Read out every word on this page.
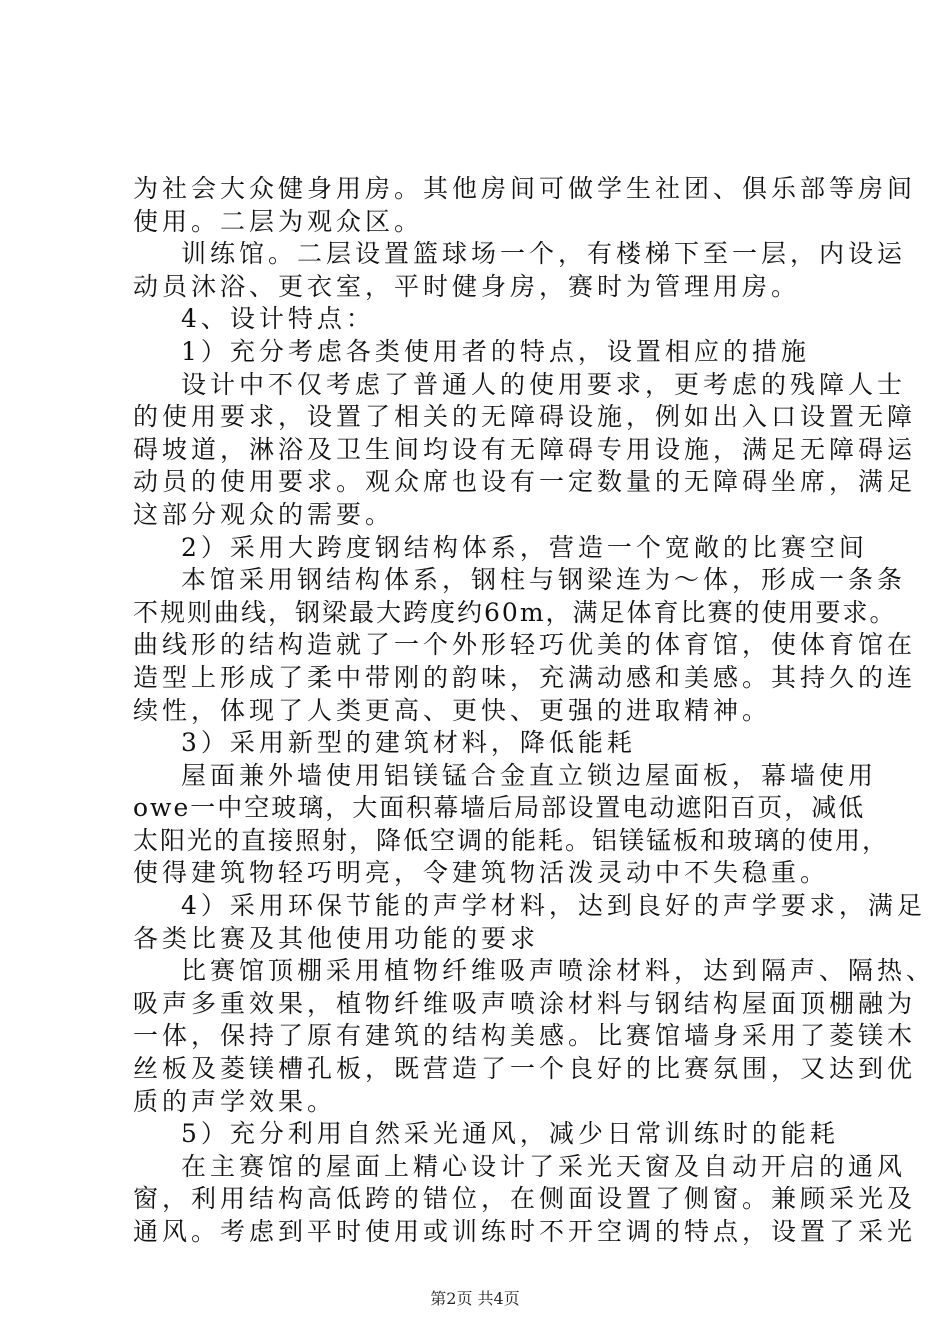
为社会大众健身用房。其他房间可做学生社团、俱乐部等房间
使用。二层为观众区。
训练馆。二层设置篮球场一个，有楼梯下至一层，内设运
动员沐浴、更衣室，平时健身房，赛时为管理用房。
4、设计特点：
1）充分考虑各类使用者的特点，设置相应的措施
设计中不仅考虑了普通人的使用要求，更考虑的残障人士
的使用要求，设置了相关的无障碍设施，例如出入口设置无障
碍坡道，淋浴及卫生间均设有无障碍专用设施，满足无障碍运
动员的使用要求。观众席也设有一定数量的无障碍坐席，满足
这部分观众的需要。
2）采用大跨度钢结构体系，营造一个宽敞的比赛空间
本馆采用钢结构体系，钢柱与钢梁连为～体，形成一条条
不规则曲线，钢梁最大跨度约60m，满足体育比赛的使用要求。
曲线形的结构造就了一个外形轻巧优美的体育馆，使体育馆在
造型上形成了柔中带刚的韵味，充满动感和美感。其持久的连
续性，体现了人类更高、更快、更强的进取精神。
3）采用新型的建筑材料，降低能耗
屋面兼外墙使用铝镁锰合金直立锁边屋面板，幕墙使用
owe一中空玻璃，大面积幕墙后局部设置电动遮阳百页，减低
太阳光的直接照射，降低空调的能耗。铝镁锰板和玻璃的使用，
使得建筑物轻巧明亮，令建筑物活泼灵动中不失稳重。
4）采用环保节能的声学材料，达到良好的声学要求，满足
各类比赛及其他使用功能的要求
比赛馆顶棚采用植物纤维吸声喷涂材料，达到隔声、隔热、
吸声多重效果，植物纤维吸声喷涂材料与钢结构屋面顶棚融为
一体，保持了原有建筑的结构美感。比赛馆墙身采用了菱镁木
丝板及菱镁槽孔板，既营造了一个良好的比赛氛围，又达到优
质的声学效果。
5）充分利用自然采光通风，减少日常训练时的能耗
在主赛馆的屋面上精心设计了采光天窗及自动开启的通风
窗，利用结构高低跨的错位，在侧面设置了侧窗。兼顾采光及
通风。考虑到平时使用或训练时不开空调的特点，设置了采光
第2页 共4页
